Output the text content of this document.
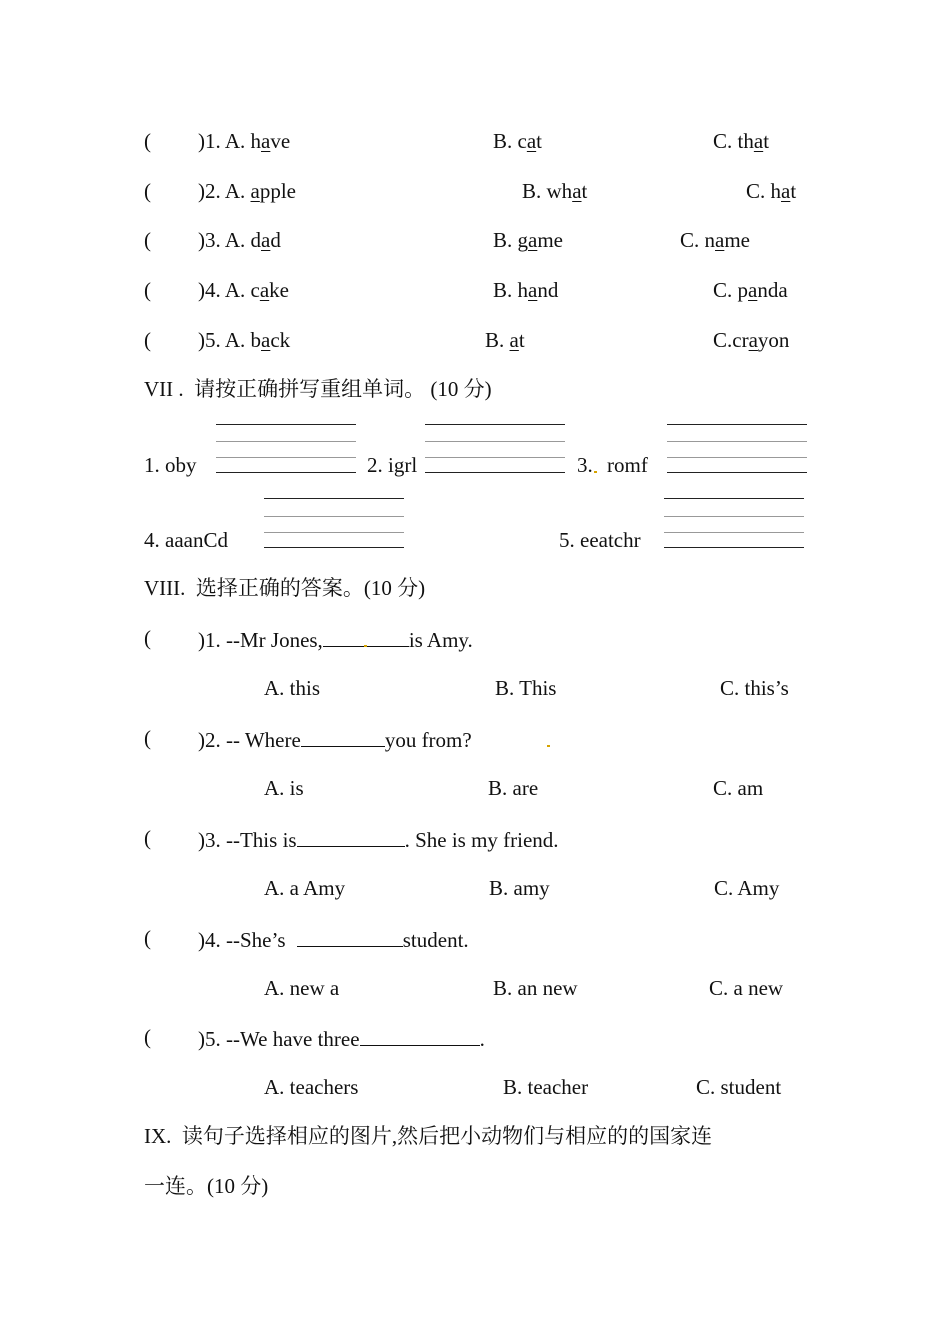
( )1. A. have	B. cat	C. that
( )2. A. apple	B. what	C. hat
( )3. A. dad	B. game	C. name
( )4. A. cake	B. hand	C. panda
( )5. A. back	B. at	C.crayon
VII .  请按正确拼写重组单词。 (10 分)
1. oby	2. igrl	3. romf
4. aaanCd	5. eeatchr
VIII.  选择正确的答案。(10 分)
( )1. --Mr Jones,	is Amy.
A. this	B. This	C. this’s
( )2. -- Where	you from?
A. is	B. are	C. am
( )3. --This is	. She is my friend.
A. a Amy	B. amy	C. Amy
( )4. --She’s	student.
A. new a	B. an new	C. a new
( )5. --We have three	.
A. teachers	B. teacher	C. student
IX.  读句子选择相应的图片,然后把小动物们与相应的的国家连
一连。(10 分)
